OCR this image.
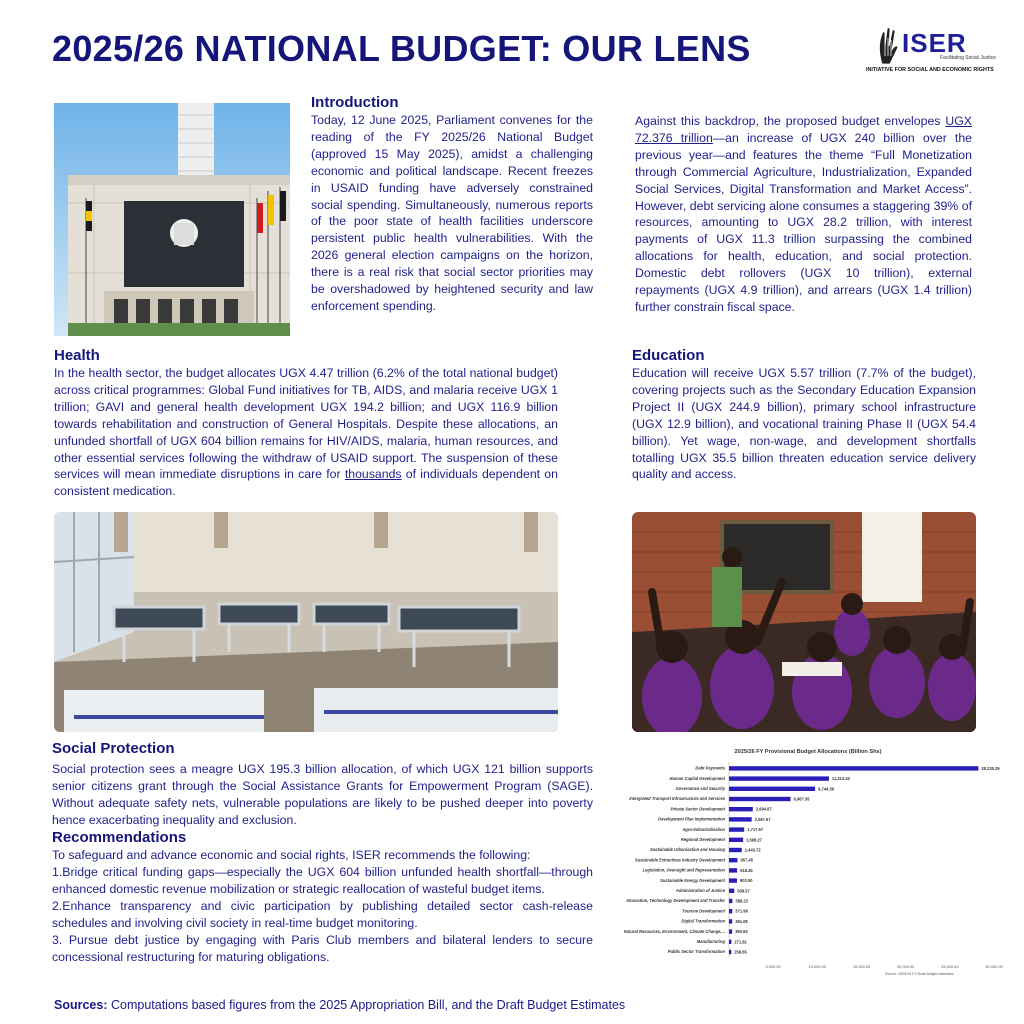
2025/26 NATIONAL BUDGET: OUR LENS	ISER
Facilitating Social Justice
INITIATIVE FOR SOCIAL AND ECONOMIC RIGHTS
Introduction

Today, 12 June 2025, Parliament convenes for the reading of the FY 2025/26 National Budget (approved 15 May 2025), amidst a challenging economic and political landscape. Recent freezes in USAID funding have adversely constrained social spending. Simultaneously, numerous reports of the poor state of health facilities underscore persistent public health vulnerabilities. With the 2026 general election campaigns on the horizon, there is a real risk that social sector priorities may be overshadowed by heightened security and law enforcement spending.

Against this backdrop, the proposed budget envelopes UGX 72.376 trillion—an increase of UGX 240 billion over the previous year—and features the theme “Full Monetization through Commercial Agriculture, Industrialization, Expanded Social Services, Digital Transformation and Market Access”. However, debt servicing alone consumes a staggering 39% of resources, amounting to UGX 28.2 trillion, with interest payments of UGX 11.3 trillion surpassing the combined allocations for health, education, and social protection. Domestic debt rollovers (UGX 10 trillion), external repayments (UGX 4.9 trillion), and arrears (UGX 1.4 trillion) further constrain fiscal space.

Health

In the health sector, the budget allocates UGX 4.47 trillion (6.2% of the total national budget) across critical programmes: Global Fund initiatives for TB, AIDS, and malaria receive UGX 1 trillion; GAVI and general health development UGX 194.2 billion; and UGX 116.9 billion towards rehabilitation and construction of General Hospitals. Despite these allocations, an unfunded shortfall of UGX 604 billion remains for HIV/AIDS, malaria, human resources, and other essential services following the withdraw of USAID support. The suspension of these services will mean immediate disruptions in care for thousands of individuals dependent on consistent medication.

Education

Education will receive UGX 5.57 trillion (7.7% of the budget), covering projects such as the Secondary Education Expansion Project II (UGX 244.9 billion), primary school infrastructure (UGX 12.9 billion), and vocational training Phase II (UGX 54.4 billion). Yet wage, non-wage, and development shortfalls totalling UGX 35.5 billion threaten education service delivery quality and access.

Social Protection

Social protection sees a meagre UGX 195.3 billion allocation, of which UGX 121 billion supports senior citizens grant through the Social Assistance Grants for Empowerment Program (SAGE). Without adequate safety nets, vulnerable populations are likely to be pushed deeper into poverty hence exacerbating inequality and exclusion.

Recommendations

To safeguard and advance economic and social rights, ISER recommends the following:

1.Bridge critical funding gaps—especially the UGX 604 billion unfunded health shortfall—through enhanced domestic revenue mobilization or strategic reallocation of wasteful budget items.
2.Enhance transparency and civic participation by publishing detailed sector cash-release schedules and involving civil society in real-time budget monitoring.
3. Pursue debt justice by engaging with Paris Club members and bilateral lenders to secure concessional restructuring for maturing obligations.
2025/26 FY Provisional Budget Allocations (Billion Shs)
Debt Payments	28,235.29
Human Capital Development	11,313.42
Governance and Security	9,744.39
Intergrated Transport Infrastructure and Services	6,967.35
Private Sector Development	2,694.87
Development Plan Implementation	2,567.67
Agro-Industrialisation	1,717.57
Regional Development	1,598.27
Sustainable Urbanisation and Housing	1,443.72
Sustainable Extractives Industry Development	957.45
Legislation, Oversight and Representation	918.45
Sustainable Energy Development	903.90
Administration of Justice	598.57
Innovation, Technology Development and Transfer	388.23
Tourism Development	371.99
Digital Transformation 361.08
Natural Resources, Environment, Climate Change,... 350.06
Manufacturing 271.81
Public Sector Transformation 258.65
5,000.00	10,000.00	15,000.00	20,000.00	25,000.00	30,000.00
Source: 2025/26 FY Draft budget estimates
Sources: Computations based figures from the 2025 Appropriation Bill, and the Draft Budget Estimates
